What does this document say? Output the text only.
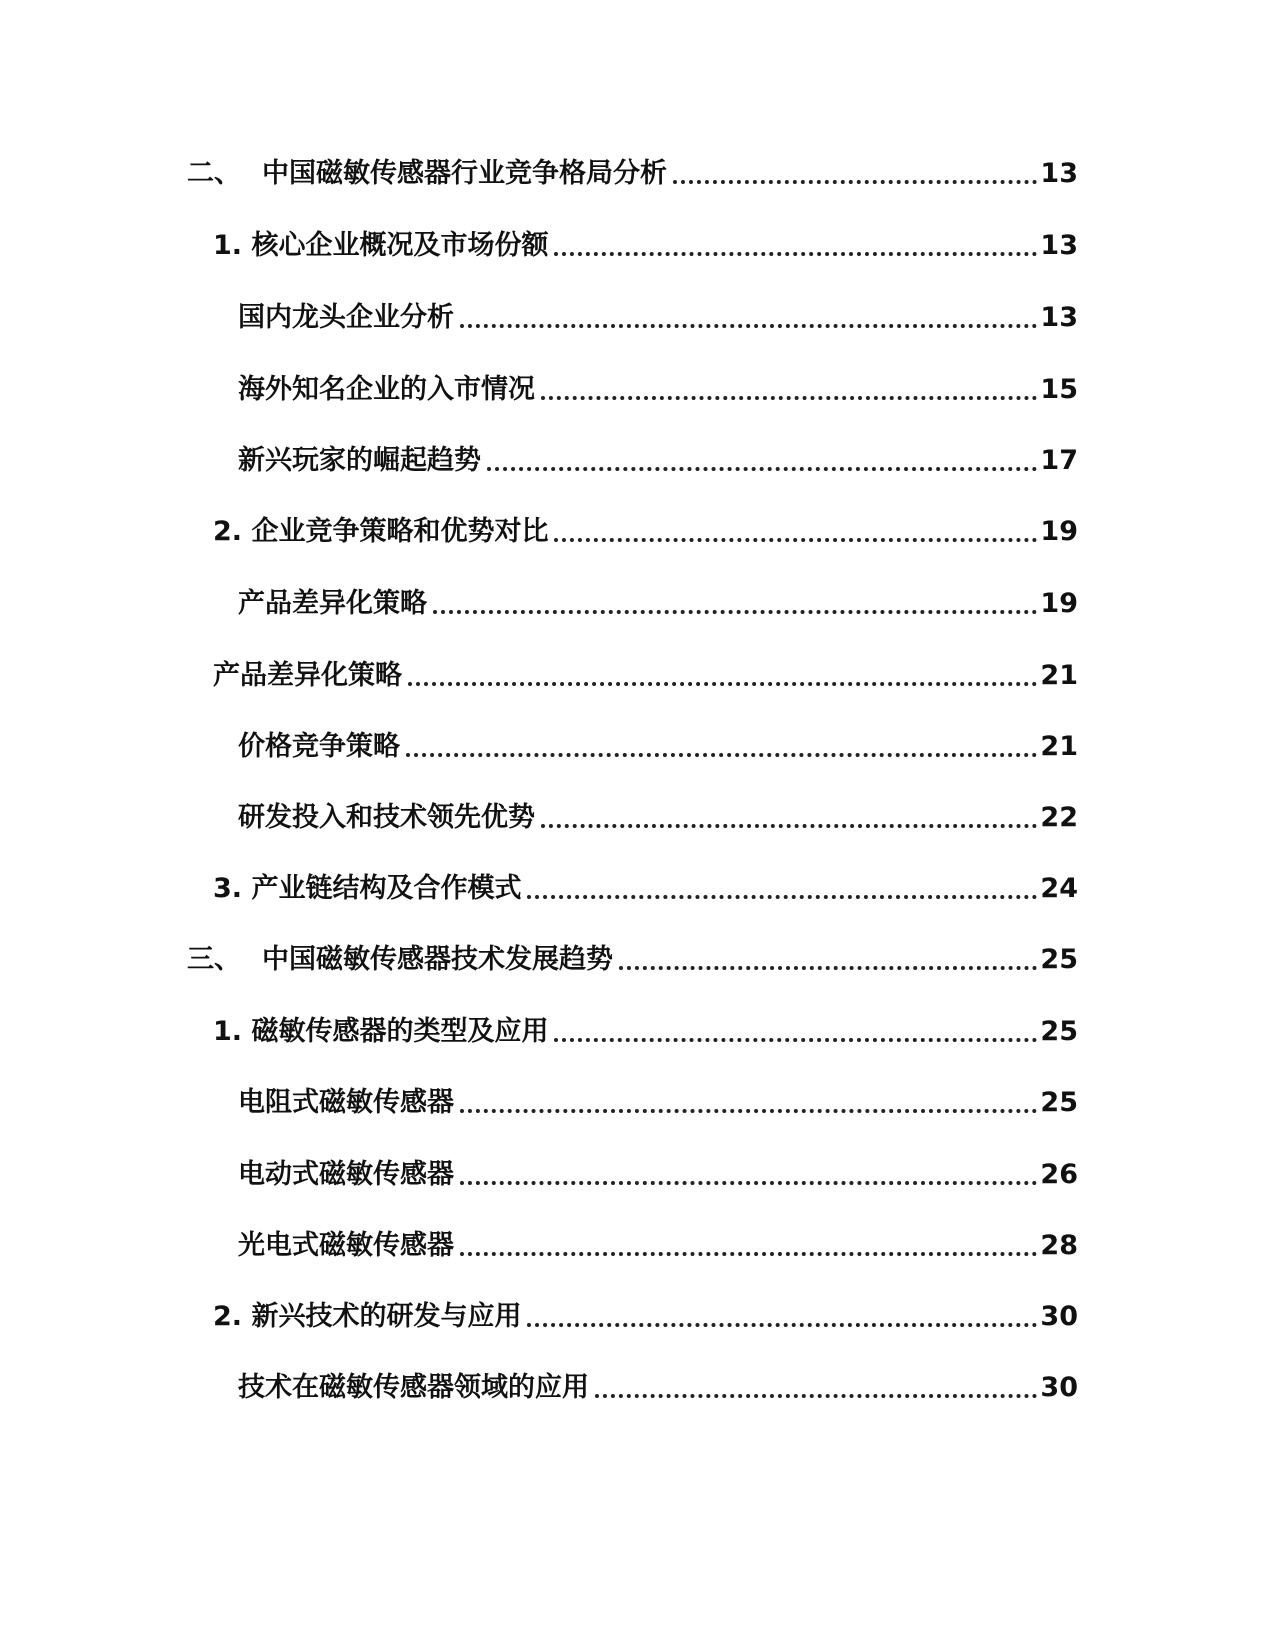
二、 中国磁敏传感器行业竞争格局分析	13
1. 核心企业概况及市场份额	13
国内龙头企业分析	13
海外知名企业的入市情况	15
新兴玩家的崛起趋势	17
2. 企业竞争策略和优势对比	19
产品差异化策略	19
产品差异化策略	21
价格竞争策略	21
研发投入和技术领先优势	22
3. 产业链结构及合作模式	24
三、 中国磁敏传感器技术发展趋势	25
1. 磁敏传感器的类型及应用	25
电阻式磁敏传感器	25
电动式磁敏传感器	26
光电式磁敏传感器	28
2. 新兴技术的研发与应用	30
技术在磁敏传感器领域的应用	30
